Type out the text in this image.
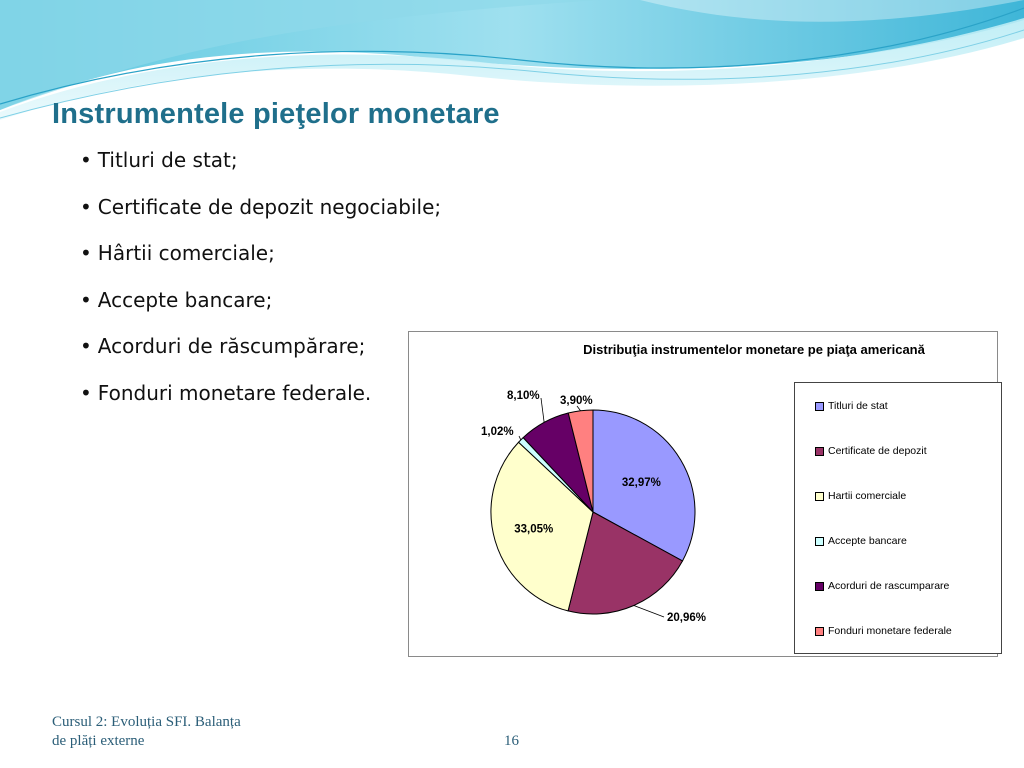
Instrumentele pieţelor monetare
• Titluri de stat;
• Certificate de depozit negociabile;
• Hârtii comerciale;
• Accepte bancare;
• Acorduri de răscumpărare;
• Fonduri monetare federale.
Distribuţia instrumentelor monetare pe piaţa americană
32,97%
20,96%
33,05%
1,02%
8,10% 3,90%	Titluri de stat
Certificate de depozit
Hartii comerciale
Accepte bancare
Acorduri de rascumparare
Fonduri monetare federale
Cursul 2: Evoluția SFI. Balanța
de plăți externe	16
